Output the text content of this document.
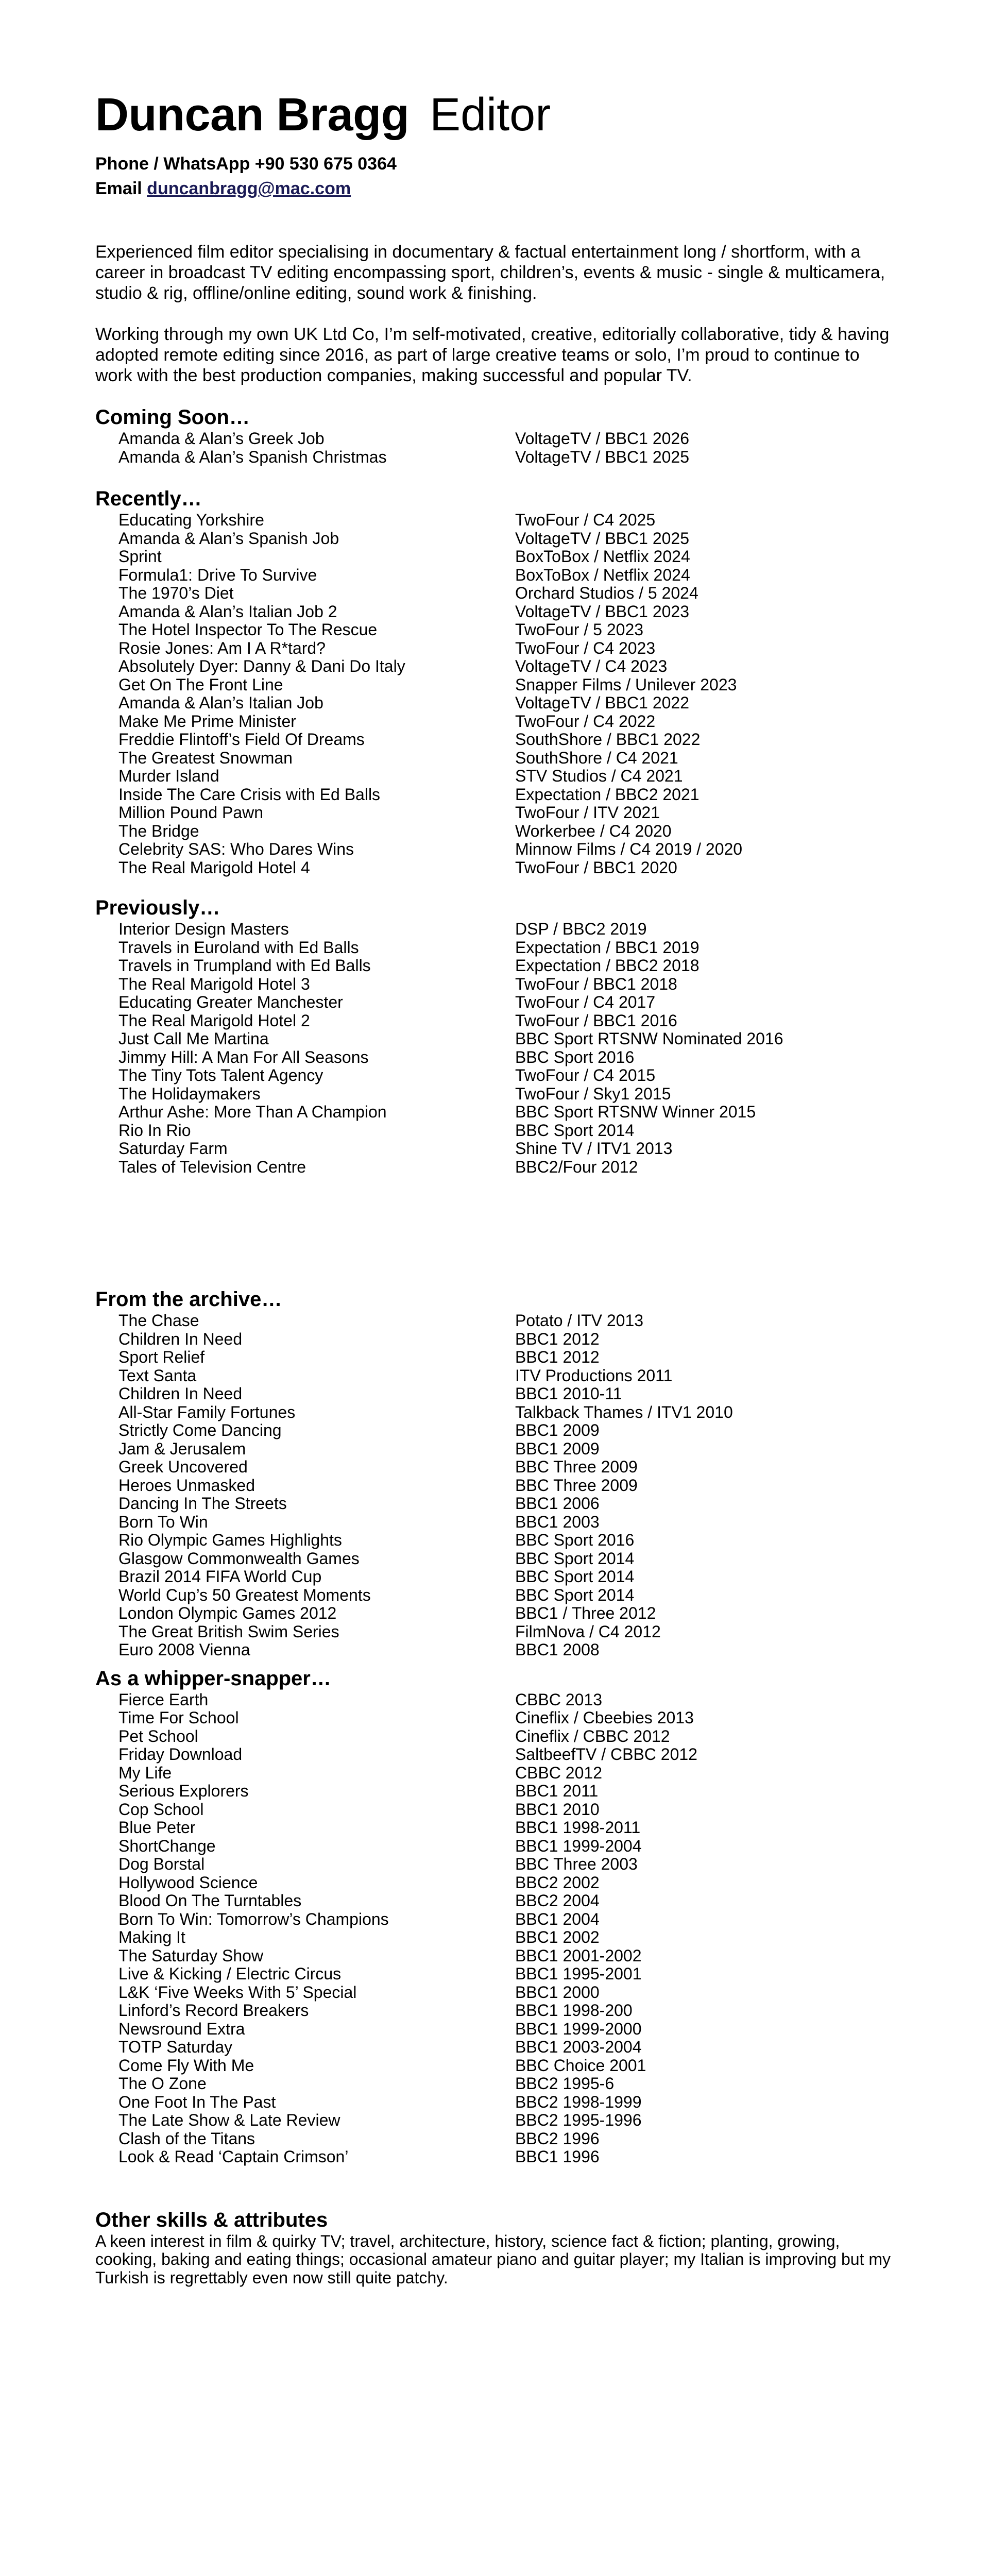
Duncan Bragg Editor

Phone / WhatsApp +90 530 675 0364

Email duncanbragg@mac.com

Experienced film editor specialising in documentary & factual entertainment long / shortform, with a career in broadcast TV editing encompassing sport, children’s, events & music - single & multicamera, studio & rig, offline/online editing, sound work & finishing.

Working through my own UK Ltd Co, I’m self-motivated, creative, editorially collaborative, tidy & having adopted remote editing since 2016, as part of large creative teams or solo, I’m proud to continue to work with the best production companies, making successful and popular TV.

Coming Soon…
Amanda & Alan’s Greek Job	VoltageTV / BBC1 2026
Amanda & Alan’s Spanish Christmas	VoltageTV / BBC1 2025
Recently…
Educating Yorkshire	TwoFour / C4 2025
Amanda & Alan’s Spanish Job	VoltageTV / BBC1 2025
Sprint	BoxToBox / Netflix 2024
Formula1: Drive To Survive	BoxToBox / Netflix 2024
The 1970’s Diet	Orchard Studios / 5 2024
Amanda & Alan’s Italian Job 2	VoltageTV / BBC1 2023
The Hotel Inspector To The Rescue	TwoFour / 5 2023
Rosie Jones: Am I A R*tard?	TwoFour / C4 2023
Absolutely Dyer: Danny & Dani Do Italy	VoltageTV / C4 2023
Get On The Front Line	Snapper Films / Unilever 2023
Amanda & Alan’s Italian Job	VoltageTV / BBC1 2022
Make Me Prime Minister	TwoFour / C4 2022
Freddie Flintoff’s Field Of Dreams	SouthShore / BBC1 2022
The Greatest Snowman	SouthShore / C4 2021
Murder Island	STV Studios / C4 2021
Inside The Care Crisis with Ed Balls	Expectation / BBC2 2021
Million Pound Pawn	TwoFour / ITV 2021
The Bridge	Workerbee / C4 2020
Celebrity SAS: Who Dares Wins	Minnow Films / C4 2019 / 2020
The Real Marigold Hotel 4	TwoFour / BBC1 2020
Previously…
Interior Design Masters	DSP / BBC2 2019
Travels in Euroland with Ed Balls	Expectation / BBC1 2019
Travels in Trumpland with Ed Balls	Expectation / BBC2 2018
The Real Marigold Hotel 3	TwoFour / BBC1 2018
Educating Greater Manchester	TwoFour / C4 2017
The Real Marigold Hotel 2	TwoFour / BBC1 2016
Just Call Me Martina	BBC Sport RTSNW Nominated 2016
Jimmy Hill: A Man For All Seasons	BBC Sport 2016
The Tiny Tots Talent Agency	TwoFour / C4 2015
The Holidaymakers	TwoFour / Sky1 2015
Arthur Ashe: More Than A Champion	BBC Sport RTSNW Winner 2015
Rio In Rio	BBC Sport 2014
Saturday Farm	Shine TV / ITV1 2013
Tales of Television Centre	BBC2/Four 2012
From the archive…
The Chase	Potato / ITV 2013
Children In Need	BBC1 2012
Sport Relief	BBC1 2012
Text Santa	ITV Productions 2011
Children In Need	BBC1 2010-11
All-Star Family Fortunes	Talkback Thames / ITV1 2010
Strictly Come Dancing	BBC1 2009
Jam & Jerusalem	BBC1 2009
Greek Uncovered	BBC Three 2009
Heroes Unmasked	BBC Three 2009
Dancing In The Streets	BBC1 2006
Born To Win	BBC1 2003
Rio Olympic Games Highlights	BBC Sport 2016
Glasgow Commonwealth Games	BBC Sport 2014
Brazil 2014 FIFA World Cup	BBC Sport 2014
World Cup’s 50 Greatest Moments	BBC Sport 2014
London Olympic Games 2012	BBC1 / Three 2012
The Great British Swim Series	FilmNova / C4 2012
Euro 2008 Vienna	BBC1 2008
As a whipper-snapper…
Fierce Earth	CBBC 2013
Time For School	Cineflix / Cbeebies 2013
Pet School	Cineflix / CBBC 2012
Friday Download	SaltbeefTV / CBBC 2012
My Life	CBBC 2012
Serious Explorers	BBC1 2011
Cop School	BBC1 2010
Blue Peter	BBC1 1998-2011
ShortChange	BBC1 1999-2004
Dog Borstal	BBC Three 2003
Hollywood Science	BBC2 2002
Blood On The Turntables	BBC2 2004
Born To Win: Tomorrow’s Champions	BBC1 2004
Making It	BBC1 2002
The Saturday Show	BBC1 2001-2002
Live & Kicking / Electric Circus	BBC1 1995-2001
L&K ‘Five Weeks With 5’ Special	BBC1 2000
Linford’s Record Breakers	BBC1 1998-200
Newsround Extra	BBC1 1999-2000
TOTP Saturday	BBC1 2003-2004
Come Fly With Me	BBC Choice 2001
The O Zone	BBC2 1995-6
One Foot In The Past	BBC2 1998-1999
The Late Show & Late Review	BBC2 1995-1996
Clash of the Titans	BBC2 1996
Look & Read ‘Captain Crimson’	BBC1 1996
Other skills & attributes

A keen interest in film & quirky TV; travel, architecture, history, science fact & fiction; planting, growing, cooking, baking and eating things; occasional amateur piano and guitar player; my Italian is improving but my Turkish is regrettably even now still quite patchy.
